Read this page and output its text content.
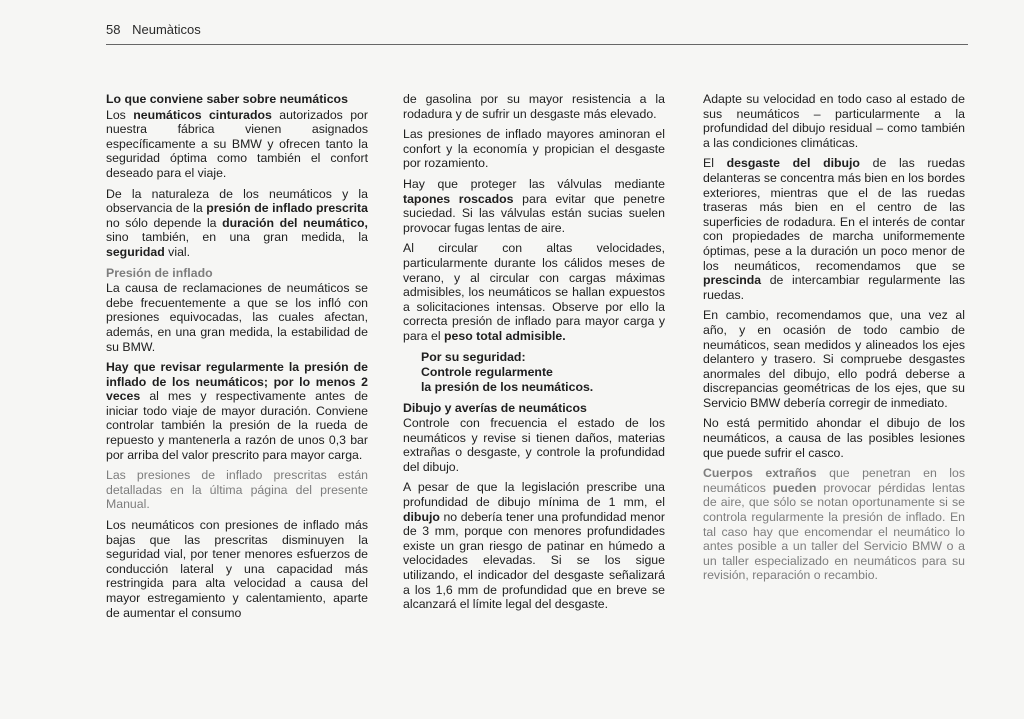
58 Neumàticos
Lo que conviene saber sobre neumáticos

Los neumáticos cinturados autorizados por nuestra fábrica vienen asignados específicamente a su BMW y ofrecen tanto la seguridad óptima como también el confort deseado para el viaje.

De la naturaleza de los neumáticos y la observancia de la presión de inflado prescrita no sólo depende la duración del neumático, sino también, en una gran medida, la seguridad vial.

Presión de inflado

La causa de reclamaciones de neumáticos se debe frecuentemente a que se los infló con presiones equivocadas, las cuales afectan, además, en una gran medida, la estabilidad de su BMW.

Hay que revisar regularmente la presión de inflado de los neumáticos; por lo menos 2 veces al mes y respectivamente antes de iniciar todo viaje de mayor duración. Conviene controlar también la presión de la rueda de repuesto y mantenerla a razón de unos 0,3 bar por arriba del valor prescrito para mayor carga.

Las presiones de inflado prescritas están detalladas en la última página del presente Manual.

Los neumáticos con presiones de inflado más bajas que las prescritas disminuyen la seguridad vial, por tener menores esfuerzos de conducción lateral y una capacidad más restringida para alta velocidad a causa del mayor estregamiento y calentamiento, aparte de aumentar el consumo

de gasolina por su mayor resistencia a la rodadura y de sufrir un desgaste más elevado.

Las presiones de inflado mayores aminoran el confort y la economía y propician el desgaste por rozamiento.

Hay que proteger las válvulas mediante tapones roscados para evitar que penetre suciedad. Si las válvulas están sucias suelen provocar fugas lentas de aire.

Al circular con altas velocidades, particularmente durante los cálidos meses de verano, y al circular con cargas máximas admisibles, los neumáticos se hallan expuestos a solicitaciones intensas. Observe por ello la correcta presión de inflado para mayor carga y para el peso total admisible.

Por su seguridad:
Controle regularmente
la presión de los neumáticos.
Dibujo y averías de neumáticos

Controle con frecuencia el estado de los neumáticos y revise si tienen daños, materias extrañas o desgaste, y controle la profundidad del dibujo.

A pesar de que la legislación prescribe una profundidad de dibujo mínima de 1 mm, el dibujo no debería tener una profundidad menor de 3 mm, porque con menores profundidades existe un gran riesgo de patinar en húmedo a velocidades elevadas. Si se los sigue utilizando, el indicador del desgaste señalizará a los 1,6 mm de profundidad que en breve se alcanzará el límite legal del desgaste.

Adapte su velocidad en todo caso al estado de sus neumáticos – particularmente a la profundidad del dibujo residual – como también a las condiciones climáticas.

El desgaste del dibujo de las ruedas delanteras se concentra más bien en los bordes exteriores, mientras que el de las ruedas traseras más bien en el centro de las superficies de rodadura. En el interés de contar con propiedades de marcha uniformemente óptimas, pese a la duración un poco menor de los neumáticos, recomendamos que se prescinda de intercambiar regularmente las ruedas.

En cambio, recomendamos que, una vez al año, y en ocasión de todo cambio de neumáticos, sean medidos y alineados los ejes delantero y trasero. Si compruebe desgastes anormales del dibujo, ello podrá deberse a discrepancias geométricas de los ejes, que su Servicio BMW debería corregir de inmediato.

No está permitido ahondar el dibujo de los neumáticos, a causa de las posibles lesiones que puede sufrir el casco.

Cuerpos extraños que penetran en los neumáticos pueden provocar pérdidas lentas de aire, que sólo se notan oportunamente si se controla regularmente la presión de inflado. En tal caso hay que encomendar el neumático lo antes posible a un taller del Servicio BMW o a un taller especializado en neumáticos para su revisión, reparación o recambio.
